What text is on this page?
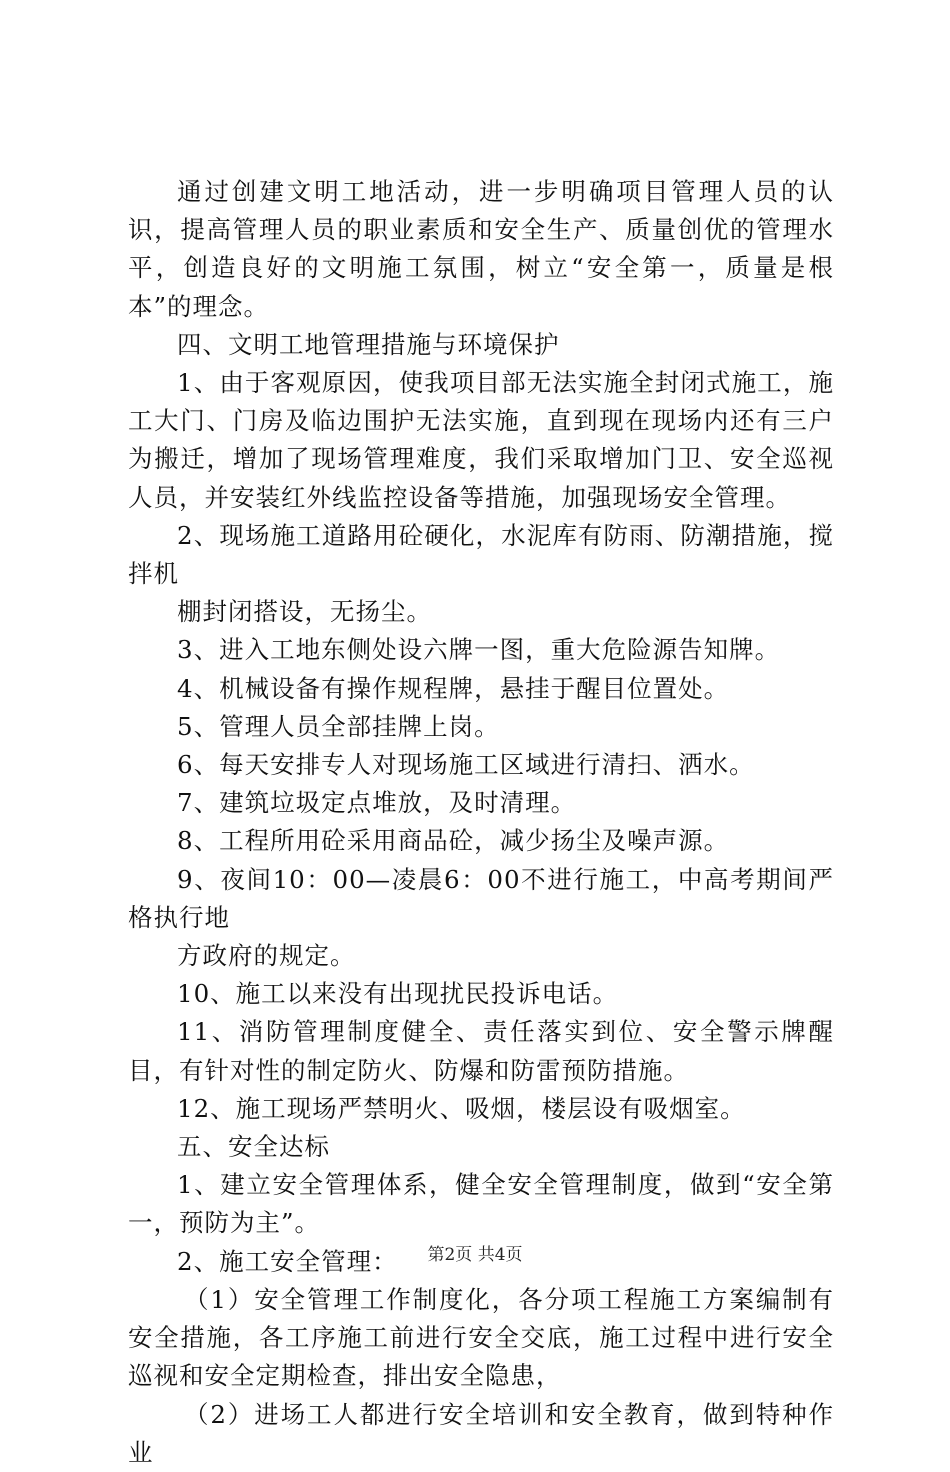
通过创建文明工地活动，进一步明确项目管理人员的认识，提高管理人员的职业素质和安全生产、质量创优的管理水平，创造良好的文明施工氛围，树立“安全第一，质量是根本”的理念。

四、文明工地管理措施与环境保护

1、由于客观原因，使我项目部无法实施全封闭式施工，施工大门、门房及临边围护无法实施，直到现在现场内还有三户为搬迁，增加了现场管理难度，我们采取增加门卫、安全巡视人员，并安装红外线监控设备等措施，加强现场安全管理。

2、现场施工道路用砼硬化，水泥库有防雨、防潮措施，搅拌机

棚封闭搭设，无扬尘。

3、进入工地东侧处设六牌一图，重大危险源告知牌。

4、机械设备有操作规程牌，悬挂于醒目位置处。

5、管理人员全部挂牌上岗。

6、每天安排专人对现场施工区域进行清扫、洒水。

7、建筑垃圾定点堆放，及时清理。

8、工程所用砼采用商品砼，减少扬尘及噪声源。

9、夜间10：00—凌晨6：00不进行施工，中高考期间严格执行地

方政府的规定。

10、施工以来没有出现扰民投诉电话。

11、消防管理制度健全、责任落实到位、安全警示牌醒目，有针对性的制定防火、防爆和防雷预防措施。

12、施工现场严禁明火、吸烟，楼层设有吸烟室。

五、安全达标

1、建立安全管理体系，健全安全管理制度，做到“安全第一，预防为主”。

2、施工安全管理：

（1）安全管理工作制度化，各分项工程施工方案编制有安全措施，各工序施工前进行安全交底，施工过程中进行安全巡视和安全定期检查，排出安全隐患，

（2）进场工人都进行安全培训和安全教育，做到特种作业

第2页 共4页
